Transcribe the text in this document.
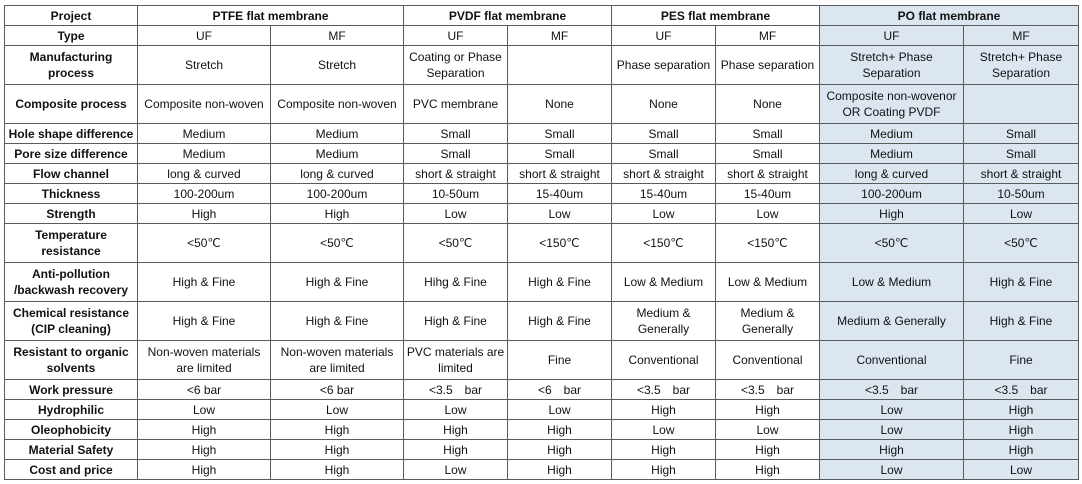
Project	PTFE flat membrane		PVDF flat membrane		PES flat membrane		PO flat membrane	
Type	UF	MF	UF	MF	UF	MF	UF	MF
Manufacturing process	Stretch	Stretch	Coating or Phase Separation		Phase separation	Phase separation	Stretch+ Phase Separation	Stretch+ Phase Separation
Composite process	Composite non-woven	Composite non-woven	PVC membrane	None	None	None	Composite non-wovenor OR Coating PVDF	
Hole shape difference	Medium	Medium	Small	Small	Small	Small	Medium	Small
Pore size difference	Medium	Medium	Small	Small	Small	Small	Medium	Small
Flow channel	long & curved	long & curved	short & straight	short & straight	short & straight	short & straight	long & curved	short & straight
Thickness	100-200um	100-200um	10-50um	15-40um	15-40um	15-40um	100-200um	10-50um
Strength	High	High	Low	Low	Low	Low	High	Low
Temperature resistance	<50℃	<50℃	<50℃	<150℃	<150℃	<150℃	<50℃	<50℃
Anti-pollution /backwash recovery	High & Fine	High & Fine	Hihg & Fine	High & Fine	Low & Medium	Low & Medium	Low & Medium	High & Fine
Chemical resistance (CIP cleaning)	High & Fine	High & Fine	High & Fine	High & Fine	Medium & Generally	Medium & Generally	Medium & Generally	High & Fine
Resistant to organic solvents	Non-woven materials are limited	Non-woven materials are limited	PVC materials are limited	Fine	Conventional	Conventional	Conventional	Fine
Work pressure	<6 bar	<6 bar	<3.5　bar	<6　bar	<3.5　bar	<3.5　bar	<3.5　bar	<3.5　bar
Hydrophilic	Low	Low	Low	Low	High	High	Low	High
Oleophobicity	High	High	High	High	Low	Low	Low	High
Material Safety	High	High	High	High	High	High	High	High
Cost and price	High	High	Low	High	High	High	Low	Low
